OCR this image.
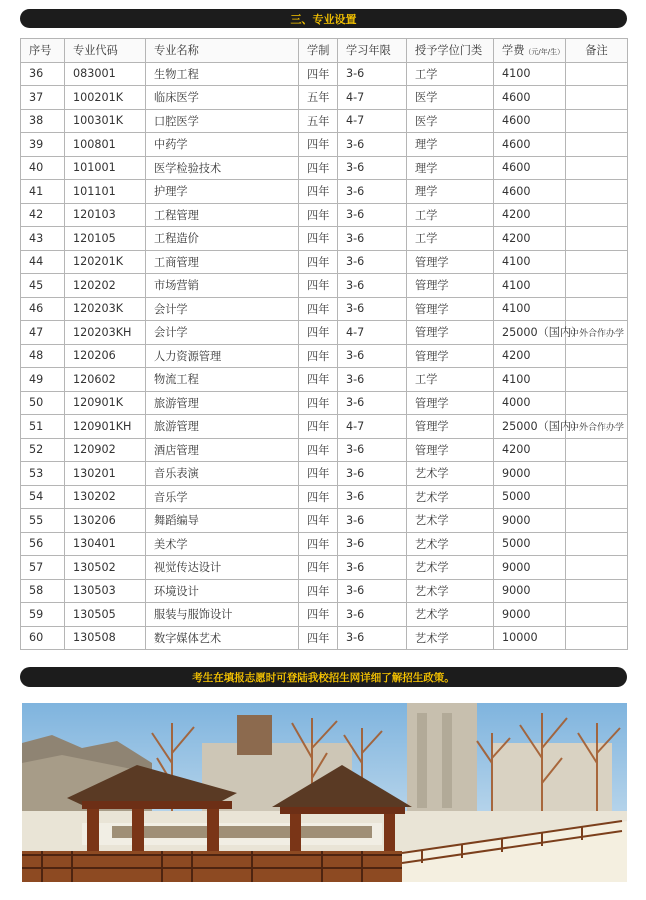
三、专业设置
序号	专业代码	专业名称	学制	学习年限	授予学位门类	学费（元/年/生）	备注
36	083001	生物工程	四年	3-6	工学	4100	
37	100201K	临床医学	五年	4-7	医学	4600	
38	100301K	口腔医学	五年	4-7	医学	4600	
39	100801	中药学	四年	3-6	理学	4600	
40	101001	医学检验技术	四年	3-6	理学	4600	
41	101101	护理学	四年	3-6	理学	4600	
42	120103	工程管理	四年	3-6	工学	4200	
43	120105	工程造价	四年	3-6	工学	4200	
44	120201K	工商管理	四年	3-6	管理学	4100	
45	120202	市场营销	四年	3-6	管理学	4100	
46	120203K	会计学	四年	3-6	管理学	4100	
47	120203KH	会计学	四年	4-7	管理学	25000（国内）	中外合作办学
48	120206	人力资源管理	四年	3-6	管理学	4200	
49	120602	物流工程	四年	3-6	工学	4100	
50	120901K	旅游管理	四年	3-6	管理学	4000	
51	120901KH	旅游管理	四年	4-7	管理学	25000（国内）	中外合作办学
52	120902	酒店管理	四年	3-6	管理学	4200	
53	130201	音乐表演	四年	3-6	艺术学	9000	
54	130202	音乐学	四年	3-6	艺术学	5000	
55	130206	舞蹈编导	四年	3-6	艺术学	9000	
56	130401	美术学	四年	3-6	艺术学	5000	
57	130502	视觉传达设计	四年	3-6	艺术学	9000	
58	130503	环境设计	四年	3-6	艺术学	9000	
59	130505	服装与服饰设计	四年	3-6	艺术学	9000	
60	130508	数字媒体艺术	四年	3-6	艺术学	10000	
考生在填报志愿时可登陆我校招生网详细了解招生政策。
